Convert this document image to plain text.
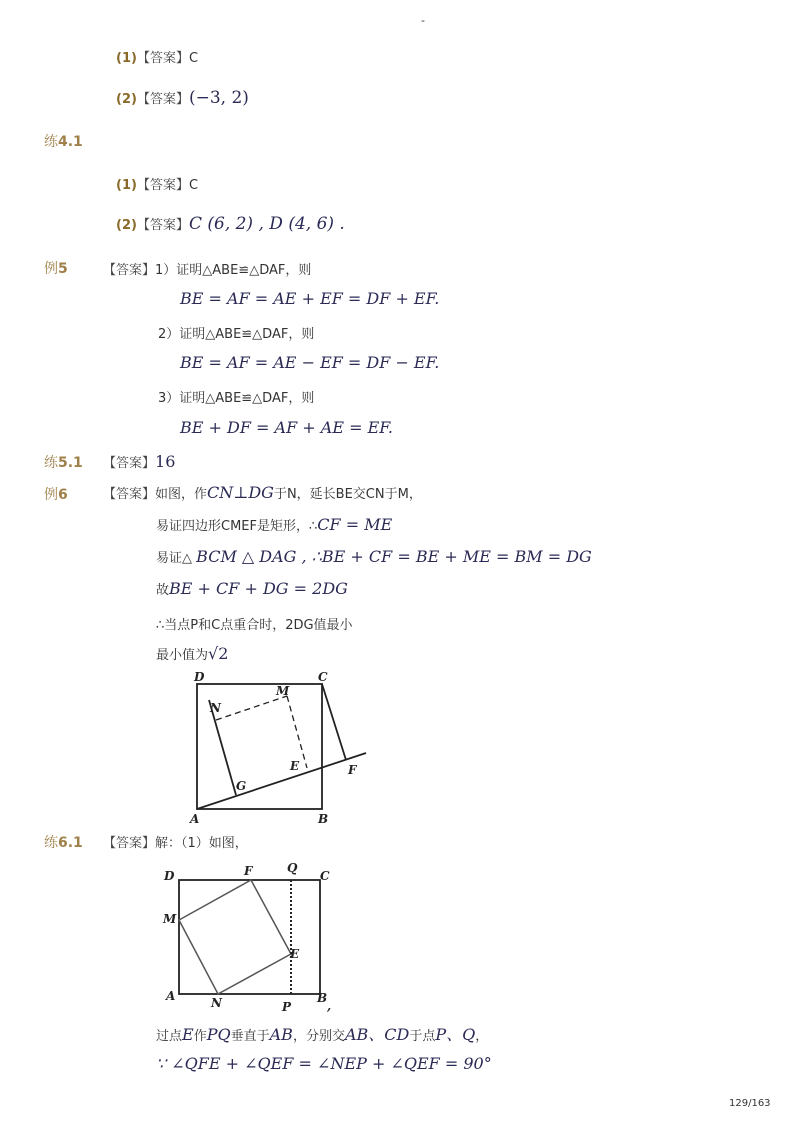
-
(1)【答案】C
(2)【答案】(−3, 2)
练4.1
(1)【答案】C
(2)【答案】C (6, 2) , D (4, 6) .
例5	【答案】1）证明△ABE≌△DAF，则
BE = AF = AE + EF = DF + EF.
2）证明△ABE≌△DAF，则
BE = AF = AE − EF = DF − EF.
3）证明△ABE≌△DAF，则
BE + DF = AF + AE = EF.
练5.1 【答案】16
例6	【答案】如图，作CN⊥DG于N，延长BE交CN于M，
易证四边形CMEF是矩形，∴CF = ME
易证△ BCM △ DAG , ∴BE + CF = BE + ME = BM = DG
故BE + CF + DG = 2DG
∴当点P和C点重合时，2DG值最小
最小值为√2
D	C
M
N
E	F
G
A	B
练6.1 【答案】解：（1）如图，
D	F	Q
C
M
E
A	N	P
B
,
过点E作PQ垂直于AB，分别交AB、CD于点P、Q，
∵ ∠QFE + ∠QEF = ∠NEP + ∠QEF = 90°
129/163
